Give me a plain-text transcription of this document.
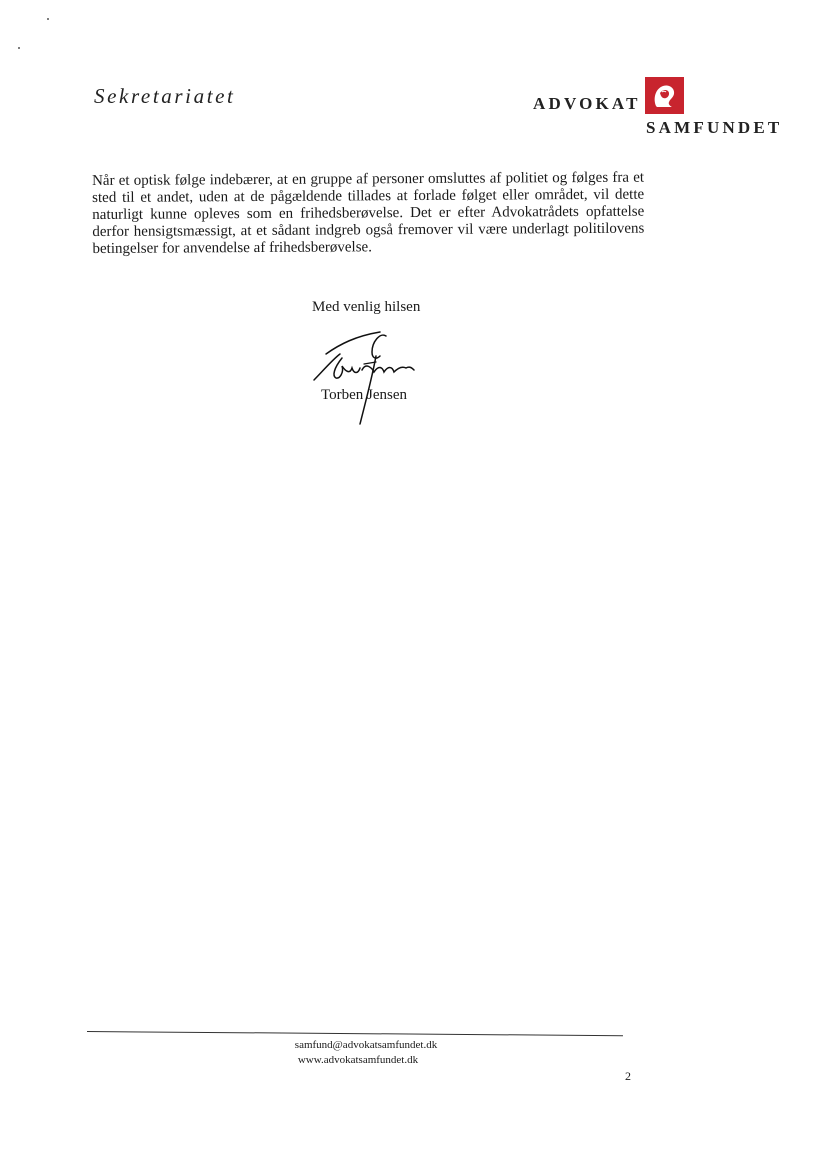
Sekretariatet	ADVOKAT
SAMFUNDET
Når et optisk følge indebærer, at en gruppe af personer omsluttes af politiet og følges fra et sted til et andet, uden at de pågældende tillades at forlade følget eller området, vil dette naturligt kunne opleves som en frihedsberøvelse. Det er efter Advokatrådets opfattelse derfor hensigtsmæssigt, at et sådant indgreb også fremover vil være underlagt politilovens betingelser for anvendelse af frihedsberøvelse.
Med venlig hilsen
Torben Jensen
samfund@advokatsamfundet.dk
www.advokatsamfundet.dk
2
